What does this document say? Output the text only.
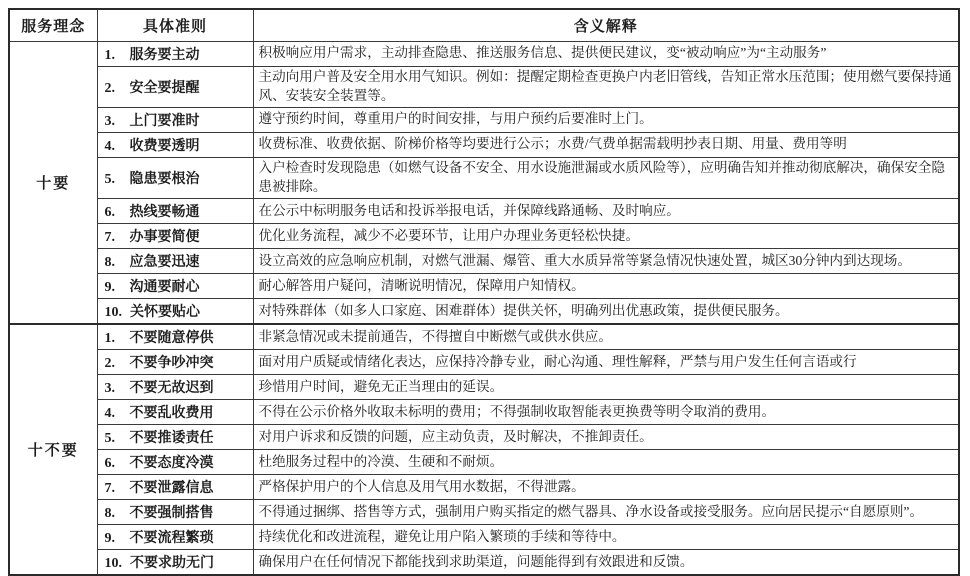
服务理念	具体准则	含义解释
十要	1. 服务要主动	积极响应用户需求，主动排查隐患、推送服务信息、提供便民建议，变“被动响应”为“主动服务”

	2. 安全要提醒	主动向用户普及安全用水用气知识。例如：提醒定期检查更换户内老旧管线，告知正常水压范围；使用燃气要保持通风、安装安全装置等。

	3. 上门要准时	遵守预约时间，尊重用户的时间安排，与用户预约后要准时上门。

	4. 收费要透明	收费标准、收费依据、阶梯价格等均要进行公示；水费/气费单据需载明抄表日期、用量、费用等明

	5. 隐患要根治	入户检查时发现隐患（如燃气设备不安全、用水设施泄漏或水质风险等），应明确告知并推动彻底解决，确保安全隐患被排除。

	6. 热线要畅通	在公示中标明服务电话和投诉举报电话，并保障线路通畅、及时响应。

	7. 办事要简便	优化业务流程，减少不必要环节，让用户办理业务更轻松快捷。

	8. 应急要迅速	设立高效的应急响应机制，对燃气泄漏、爆管、重大水质异常等紧急情况快速处置，城区30分钟内到达现场。

	9. 沟通要耐心	耐心解答用户疑问，清晰说明情况，保障用户知情权。

	10. 关怀要贴心	对特殊群体（如多人口家庭、困难群体）提供关怀，明确列出优惠政策，提供便民服务。
十不要	1. 不要随意停供	非紧急情况或未提前通告，不得擅自中断燃气或供水供应。

	2. 不要争吵冲突	面对用户质疑或情绪化表达，应保持冷静专业，耐心沟通、理性解释，严禁与用户发生任何言语或行

	3. 不要无故迟到	珍惜用户时间，避免无正当理由的延误。

	4. 不要乱收费用	不得在公示价格外收取未标明的费用；不得强制收取智能表更换费等明令取消的费用。

	5. 不要推诿责任	对用户诉求和反馈的问题，应主动负责，及时解决，不推卸责任。

	6. 不要态度冷漠	杜绝服务过程中的冷漠、生硬和不耐烦。

	7. 不要泄露信息	严格保护用户的个人信息及用气用水数据，不得泄露。

	8. 不要强制搭售	不得通过捆绑、搭售等方式，强制用户购买指定的燃气器具、净水设备或接受服务。应向居民提示“自愿原则”。

	9. 不要流程繁琐	持续优化和改进流程，避免让用户陷入繁琐的手续和等待中。

	10. 不要求助无门	确保用户在任何情况下都能找到求助渠道，问题能得到有效跟进和反馈。
